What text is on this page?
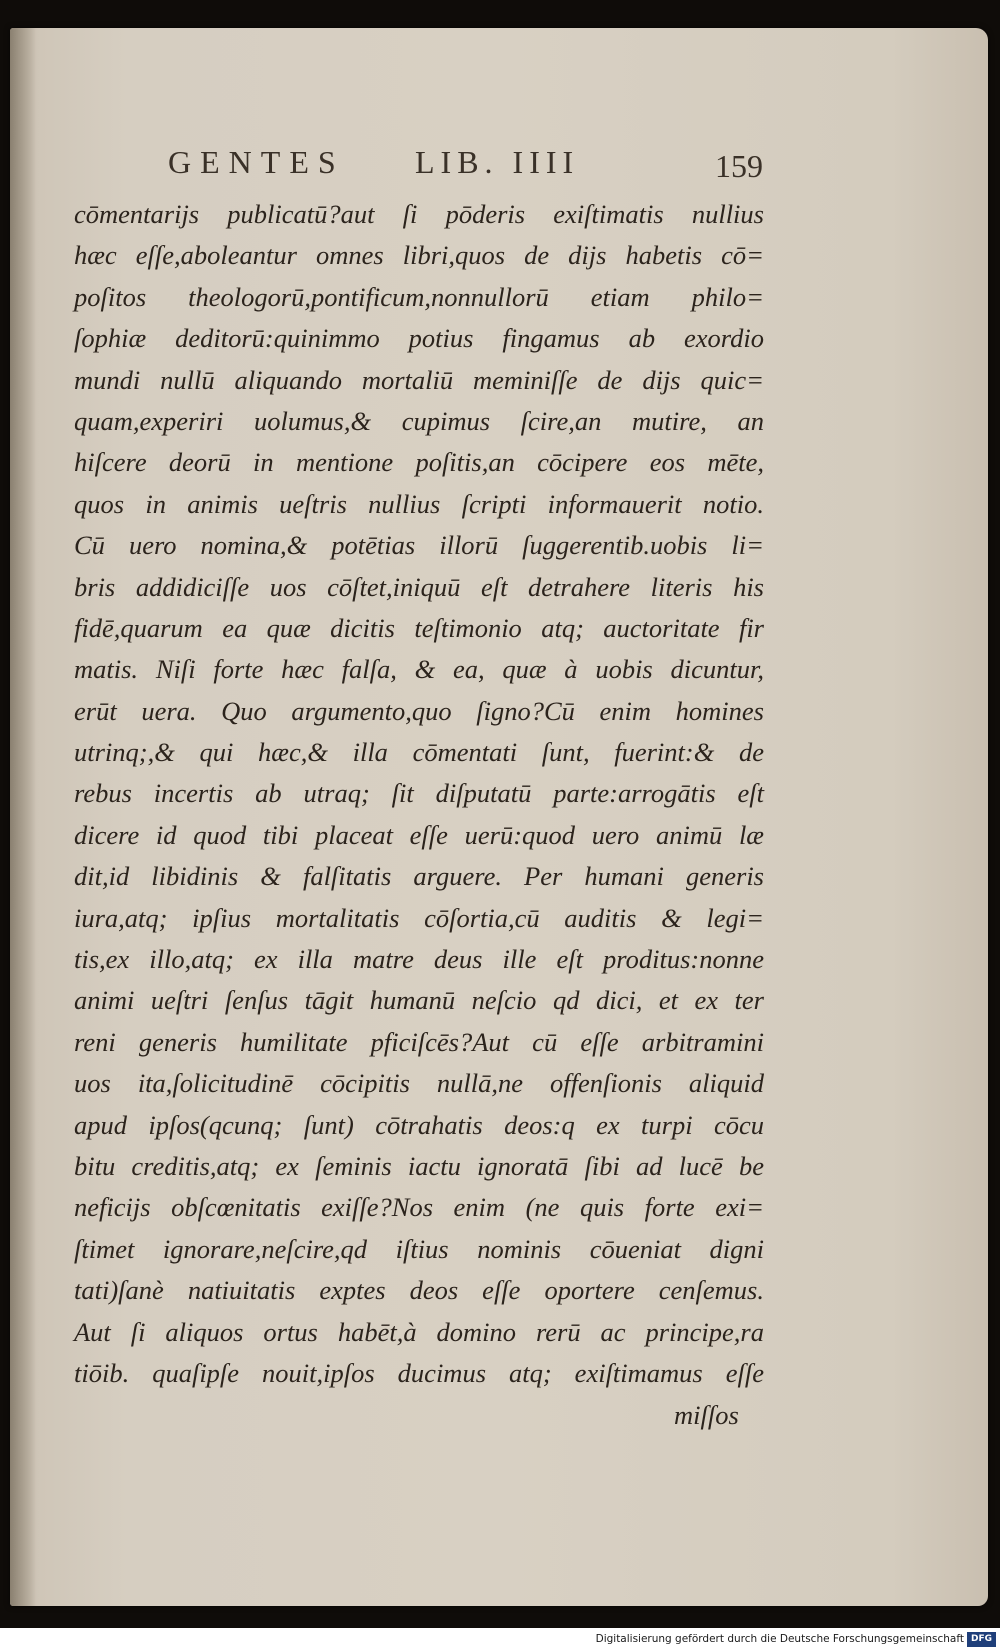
GENTES LIB. IIII	159
cōmentarijs publicatū?aut ſi pōderis exiſtimatis nullius
hæc eſſe,aboleantur omnes libri,quos de dijs habetis cō=
poſitos theologorū,pontificum,nonnullorū etiam philo=
ſophiæ deditorū:quinimmo potius fingamus ab exordio
mundi nullū aliquando mortaliū meminiſſe de dijs quic=
quam,experiri uolumus,& cupimus ſcire,an mutire, an
hiſcere deorū in mentione poſitis,an cōcipere eos mēte,
quos in animis ueſtris nullius ſcripti informauerit notio.
Cū uero nomina,& potētias illorū ſuggerentib.uobis li=
bris addidiciſſe uos cōſtet,iniquū eſt detrahere literis his
fidē,quarum ea quæ dicitis teſtimonio atq; auctoritate fir
matis. Niſi forte hæc falſa, & ea, quæ à uobis dicuntur,
erūt uera. Quo argumento,quo ſigno?Cū enim homines
utrinq;,& qui hæc,& illa cōmentati ſunt, fuerint:& de
rebus incertis ab utraq; ſit diſputatū parte:arrogātis eſt
dicere id quod tibi placeat eſſe uerū:quod uero animū læ
dit,id libidinis & falſitatis arguere. Per humani generis
iura,atq; ipſius mortalitatis cōſortia,cū auditis & legi=
tis,ex illo,atq; ex illa matre deus ille eſt proditus:nonne
animi ueſtri ſenſus tāgit humanū neſcio qd dici, et ex ter
reni generis humilitate pficiſcēs?Aut cū eſſe arbitramini
uos ita,ſolicitudinē cōcipitis nullā,ne offenſionis aliquid
apud ipſos(qcunq; ſunt) cōtrahatis deos:q ex turpi cōcu
bitu creditis,atq; ex ſeminis iactu ignoratā ſibi ad lucē be
neficijs obſcœnitatis exiſſe?Nos enim (ne quis forte exi=
ſtimet ignorare,neſcire,qd iſtius nominis cōueniat digni
tati)ſanè natiuitatis exptes deos eſſe oportere cenſemus.
Aut ſi aliquos ortus habēt,à domino rerū ac principe,ra
tiōib. quaſipſe nouit,ipſos ducimus atq; exiſtimamus eſſe
miſſos
Digitalisierung gefördert durch die Deutsche Forschungsgemeinschaft DFG
